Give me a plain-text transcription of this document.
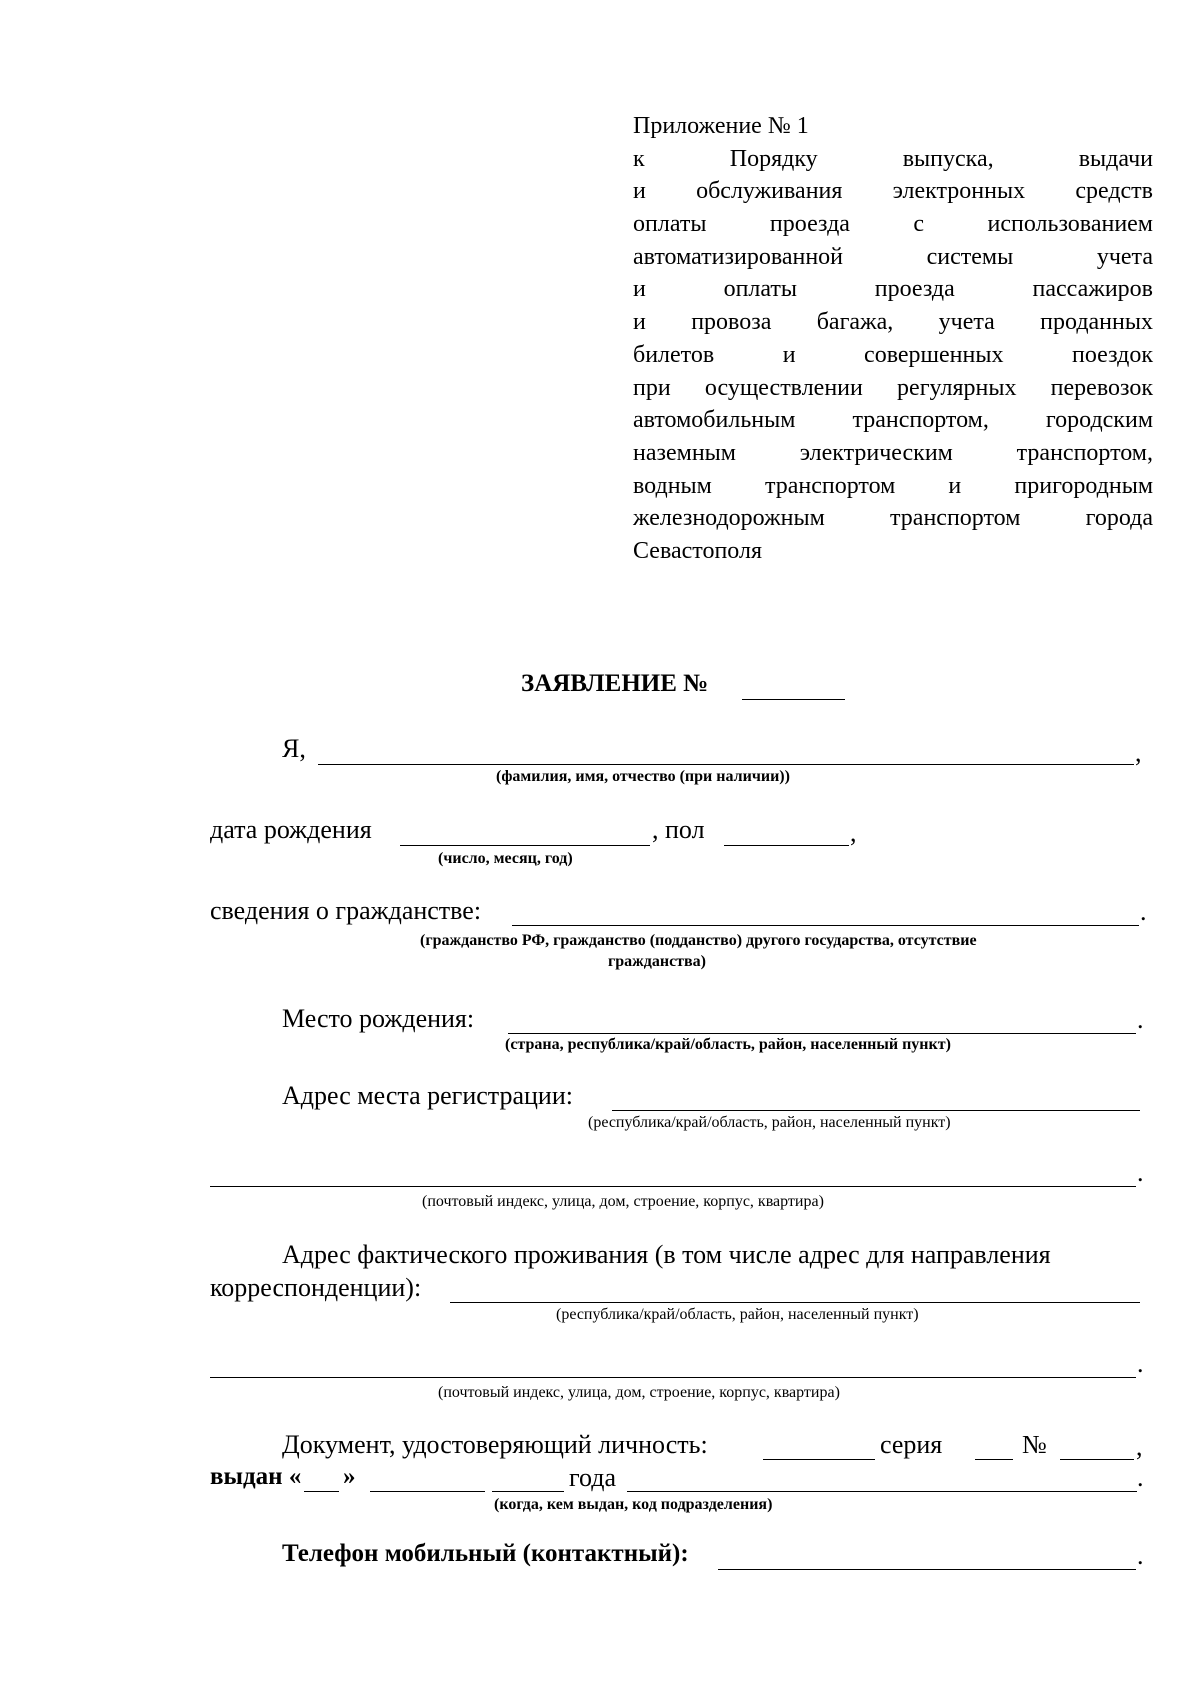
Приложение № 1
к Порядку выпуска, выдачи
и обслуживания электронных средств
оплаты проезда с использованием
автоматизированной системы учета
и оплаты проезда пассажиров
и провоза багажа, учета проданных
билетов и совершенных поездок
при осуществлении регулярных перевозок
автомобильным транспортом, городским
наземным электрическим транспортом,
водным транспортом и пригородным
железнодорожным транспортом города
Севастополя
ЗАЯВЛЕНИЕ №
Я,	,
(фамилия, имя, отчество (при наличии))
дата рождения	, пол	,
(число, месяц, год)
сведения о гражданстве:	.
(гражданство РФ, гражданство (подданство) другого государства, отсутствие
гражданства)
Место рождения:	.
(страна, республика/край/область, район, населенный пункт)
Адрес места регистрации:
(республика/край/область, район, населенный пункт)
.
(почтовый индекс, улица, дом, строение, корпус, квартира)
Адрес фактического проживания (в том числе адрес для направления
корреспонденции):
(республика/край/область, район, населенный пункт)
.
(почтовый индекс, улица, дом, строение, корпус, квартира)
Документ, удостоверяющий личность:	серия	№	,
выдан « »	года	.
(когда, кем выдан, код подразделения)
Телефон мобильный (контактный):	.
